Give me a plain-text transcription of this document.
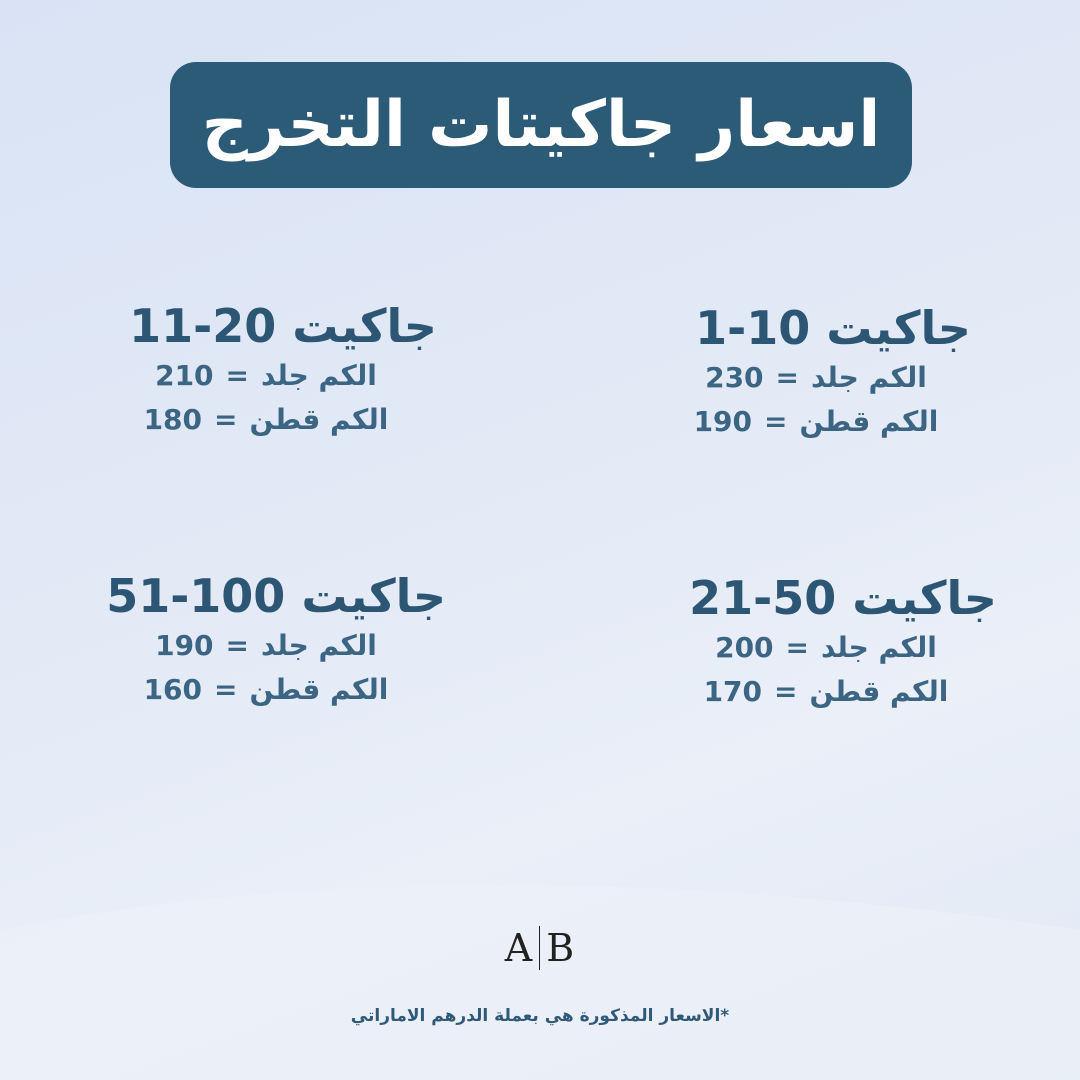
اسعار جاكيتات التخرج
جاكيت 1-10
الكم جلد=230
الكم قطن=190
جاكيت 11-20
الكم جلد=210
الكم قطن=180
جاكيت 21-50
الكم جلد=200
الكم قطن=170
جاكيت 51-100
الكم جلد=190
الكم قطن=160
A B
*الاسعار المذكورة هي بعملة الدرهم الاماراتي
